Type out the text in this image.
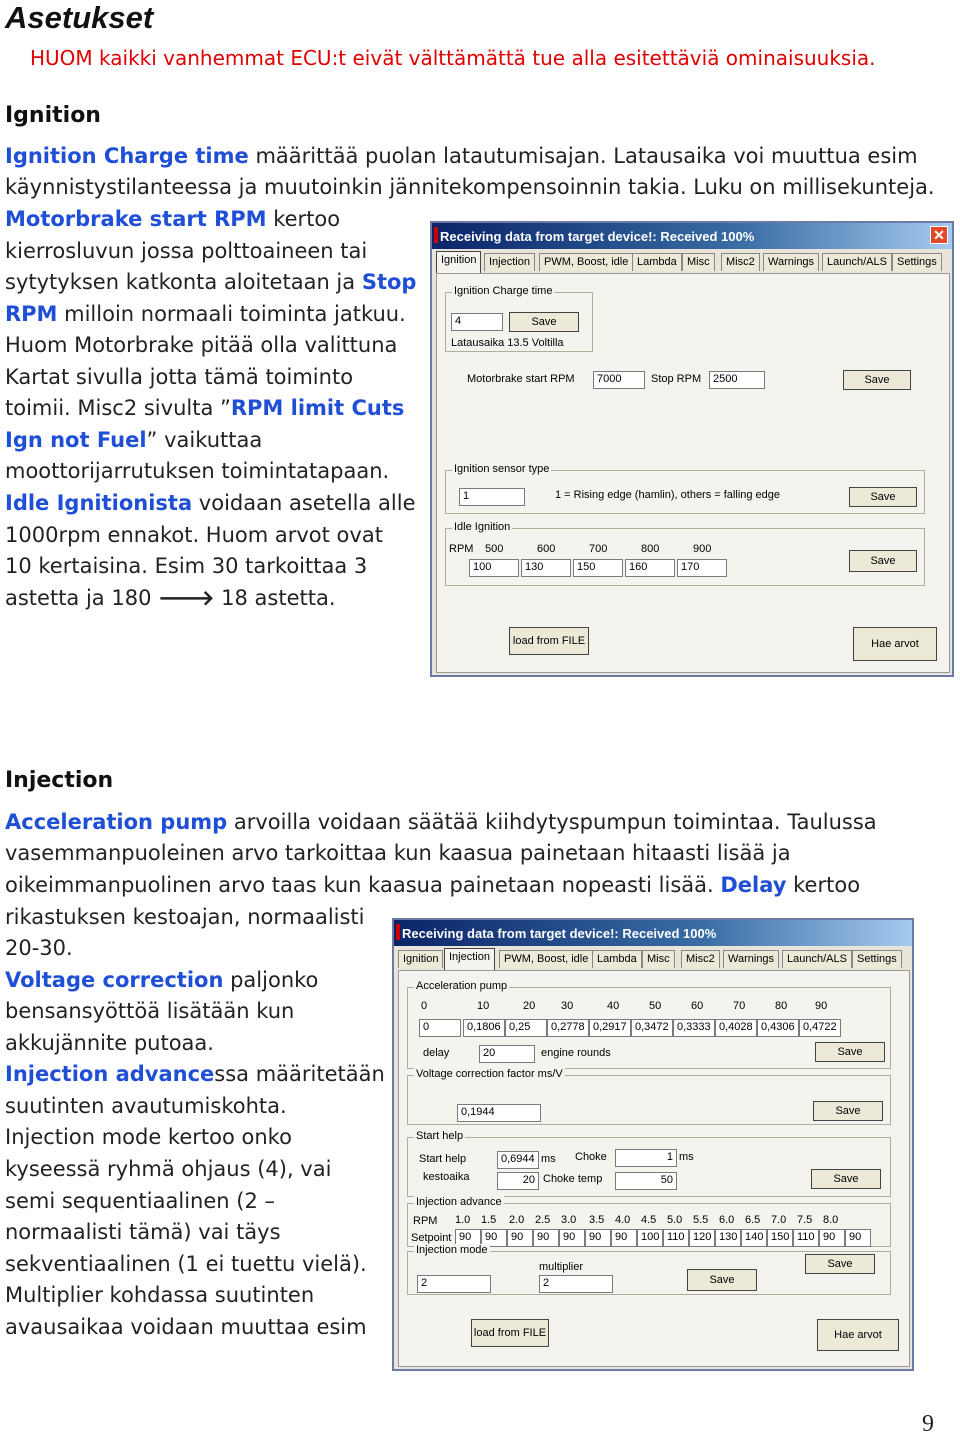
Asetukset
HUOM kaikki vanhemmat ECU:t eivät välttämättä tue alla esitettäviä ominaisuuksia.
Ignition

Ignition Charge time määrittää puolan latautumisajan. Latausaika voi muuttua esim

käynnistystilanteessa ja muutoinkin jännitekompensoinnin takia. Luku on millisekunteja.

Motorbrake start RPM kertoo

kierrosluvun jossa polttoaineen tai

sytytyksen katkonta aloitetaan ja Stop

RPM milloin normaali toiminta jatkuu.

Huom Motorbrake pitää olla valittuna

Kartat sivulla jotta tämä toiminto

toimii. Misc2 sivulta ”RPM limit Cuts

Ign not Fuel” vaikuttaa

moottorijarrutuksen toimintatapaan.

Idle Ignitionista voidaan asetella alle

1000rpm ennakot. Huom arvot ovat

10 kertaisina. Esim 30 tarkoittaa 3

astetta ja 180 🡒 18 astetta.

Receiving data from target device!: Received 100%	✕
Ignition	Injection	PWM, Boost, idle Lambda Misc	Misc2	Warnings	Launch/ALS Settings
Ignition Charge time
4	Save
Latausaika 13.5 Voltilla
Motorbrake start RPM	7000	Stop RPM	2500	Save
Ignition sensor type
1	1 = Rising edge (hamlin), others = falling edge	Save
Idle Ignition
RPM 500	600	700	800	900
100	130	150	160	170	Save
load from FILE	Hae arvot
Injection

Acceleration pump arvoilla voidaan säätää kiihdytyspumpun toimintaa. Taulussa

vasemmanpuoleinen arvo tarkoittaa kun kaasua painetaan hitaasti lisää ja

oikeimmanpuolinen arvo taas kun kaasua painetaan nopeasti lisää. Delay kertoo

rikastuksen kestoajan, normaalisti

20-30.

Voltage correction paljonko

bensansyöttöä lisätään kun

akkujännite putoaa.

Injection advancessa määritetään

suutinten avautumiskohta.

Injection mode kertoo onko

kyseessä ryhmä ohjaus (4), vai

semi sequentiaalinen (2 –

normaalisti tämä) vai täys

sekventiaalinen (1 ei tuettu vielä).

Multiplier kohdassa suutinten

avausaikaa voidaan muuttaa esim

Receiving data from target device!: Received 100%
Ignition Injection	PWM, Boost, idle Lambda Misc	Misc2	Warnings	Launch/ALS Settings
Acceleration pump
0	10	20 30	40	50	60	70	80	90
0	0,1806 0,25	0,2778 0,2917 0,3472 0,3333 0,4028 0,4306 0,4722
delay	20	engine rounds	Save
Voltage correction factor ms/V
0,1944	Save
Start help
Start help	0,6944 ms Choke	1 ms
kestoaika	20 Choke temp	50	Save
Injection advance
RPM 1.0 1.5 2.0 2.5 3.0 3.5 4.0 4.5 5.0 5.5 6.0 6.5 7.0 7.5 8.0
Setpoint 90	90	90	90	90	90	90	100 110 120 130 140 150 110 90	90
Injection mode
2
multiplier
2	Save
Save
load from FILE	Hae arvot
9
